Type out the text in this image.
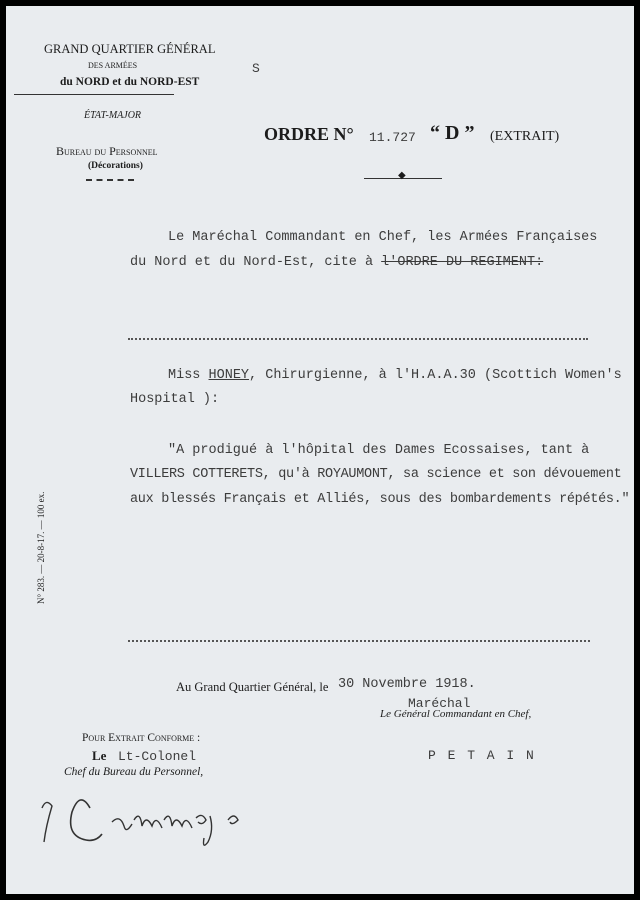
GRAND QUARTIER GÉNÉRAL
DES ARMÉES
du NORD et du NORD-EST
ÉTAT-MAJOR
Bureau du Personnel
(Décorations)
S
ORDRE N° 11.727 “ D ” (EXTRAIT)
◆
Le Maréchal Commandant en Chef, les Armées Françaises
du Nord et du Nord-Est, cite à l'ORDRE DU REGIMENT:
Miss HONEY, Chirurgienne, à l'H.A.A.30 (Scottich Women's
Hospital ):
"A prodigué à l'hôpital des Dames Ecossaises, tant à
VILLERS COTTERETS, qu'à ROYAUMONT, sa science et son dévouement
aux blessés Français et Alliés, sous des bombardements répétés."
Au Grand Quartier Général, le 30 Novembre 1918.
Maréchal
Le Général Commandant en Chef,
P E T A I N
Pour Extrait Conforme :
Le Lt-Colonel
Chef du Bureau du Personnel,
N° 283. — 20-8-17. — 100 ex.
